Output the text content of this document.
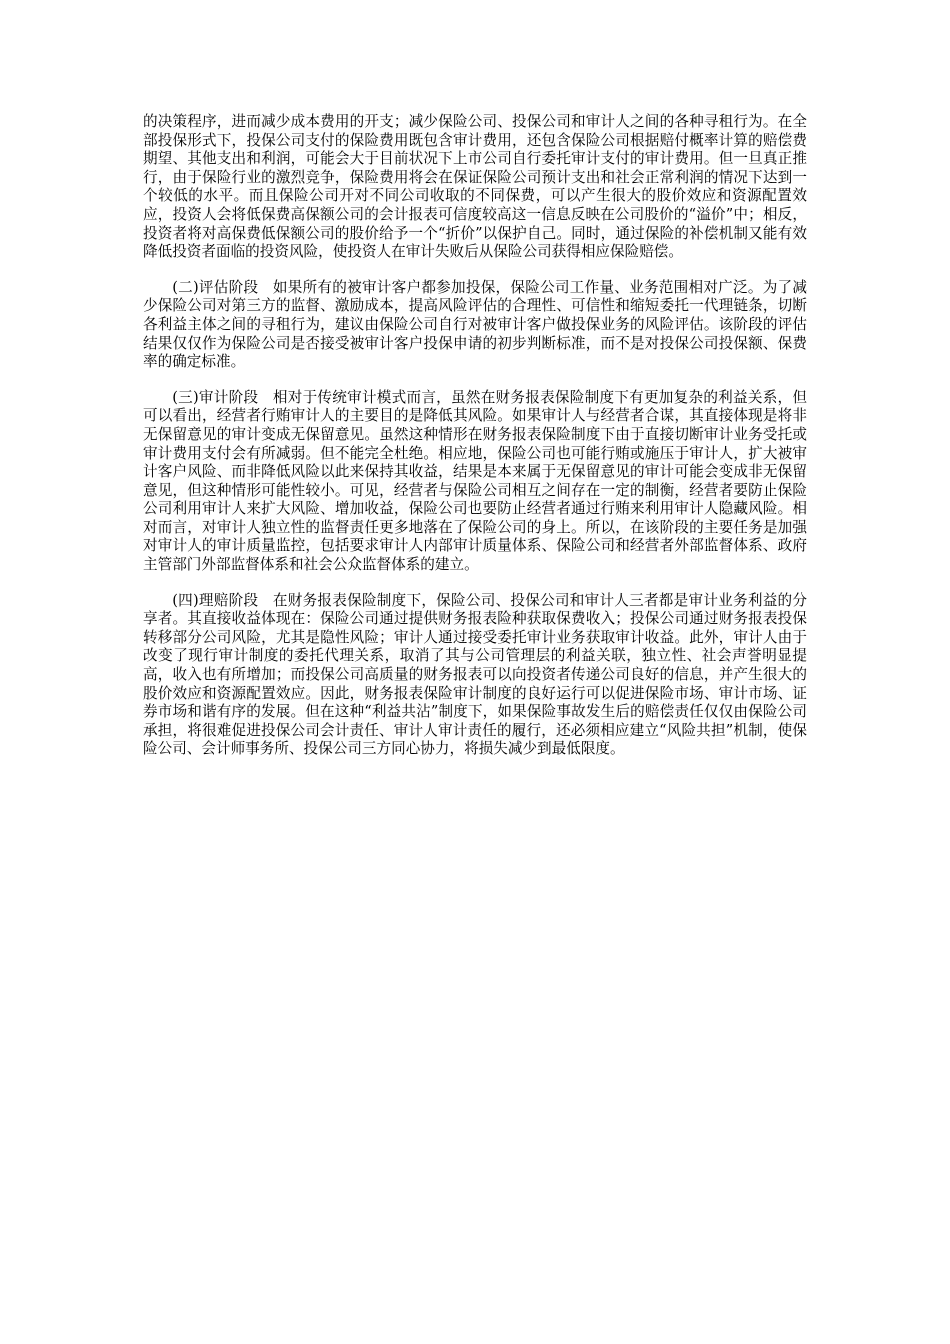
的决策程序，进而减少成本费用的开支；减少保险公司、投保公司和审计人之间的各种寻租行为。在全部投保形式下，投保公司支付的保险费用既包含审计费用，还包含保险公司根据赔付概率计算的赔偿费期望、其他支出和利润，可能会大于目前状况下上市公司自行委托审计支付的审计费用。但一旦真正推行，由于保险行业的激烈竞争，保险费用将会在保证保险公司预计支出和社会正常利润的情况下达到一个较低的水平。而且保险公司开对不同公司收取的不同保费，可以产生很大的股价效应和资源配置效应，投资人会将低保费高保额公司的会计报表可信度较高这一信息反映在公司股价的“溢价”中；相反，投资者将对高保费低保额公司的股价给予一个“折价”以保护自己。同时，通过保险的补偿机制又能有效降低投资者面临的投资风险，使投资人在审计失败后从保险公司获得相应保险赔偿。

(二)评估阶段 如果所有的被审计客户都参加投保，保险公司工作量、业务范围相对广泛。为了减少保险公司对第三方的监督、激励成本，提高风险评估的合理性、可信性和缩短委托一代理链条，切断各利益主体之间的寻租行为，建议由保险公司自行对被审计客户做投保业务的风险评估。该阶段的评估结果仅仅作为保险公司是否接受被审计客户投保申请的初步判断标准，而不是对投保公司投保额、保费率的确定标准。

(三)审计阶段 相对于传统审计模式而言，虽然在财务报表保险制度下有更加复杂的利益关系，但可以看出，经营者行贿审计人的主要目的是降低其风险。如果审计人与经营者合谋，其直接体现是将非无保留意见的审计变成无保留意见。虽然这种情形在财务报表保险制度下由于直接切断审计业务受托或审计费用支付会有所减弱。但不能完全杜绝。相应地，保险公司也可能行贿或施压于审计人，扩大被审计客户风险、而非降低风险以此来保持其收益，结果是本来属于无保留意见的审计可能会变成非无保留意见，但这种情形可能性较小。可见，经营者与保险公司相互之间存在一定的制衡，经营者要防止保险公司利用审计人来扩大风险、增加收益，保险公司也要防止经营者通过行贿来利用审计人隐藏风险。相对而言，对审计人独立性的监督责任更多地落在了保险公司的身上。所以，在该阶段的主要任务是加强对审计人的审计质量监控，包括要求审计人内部审计质量体系、保险公司和经营者外部监督体系、政府主管部门外部监督体系和社会公众监督体系的建立。

(四)理赔阶段 在财务报表保险制度下，保险公司、投保公司和审计人三者都是审计业务利益的分享者。其直接收益体现在：保险公司通过提供财务报表险种获取保费收入；投保公司通过财务报表投保转移部分公司风险，尤其是隐性风险；审计人通过接受委托审计业务获取审计收益。此外，审计人由于改变了现行审计制度的委托代理关系，取消了其与公司管理层的利益关联，独立性、社会声誉明显提高，收入也有所增加；而投保公司高质量的财务报表可以向投资者传递公司良好的信息，并产生很大的股价效应和资源配置效应。因此，财务报表保险审计制度的良好运行可以促进保险市场、审计市场、证券市场和谐有序的发展。但在这种“利益共沾”制度下，如果保险事故发生后的赔偿责任仅仅由保险公司承担，将很难促进投保公司会计责任、审计人审计责任的履行，还必须相应建立“风险共担”机制，使保险公司、会计师事务所、投保公司三方同心协力，将损失减少到最低限度。
